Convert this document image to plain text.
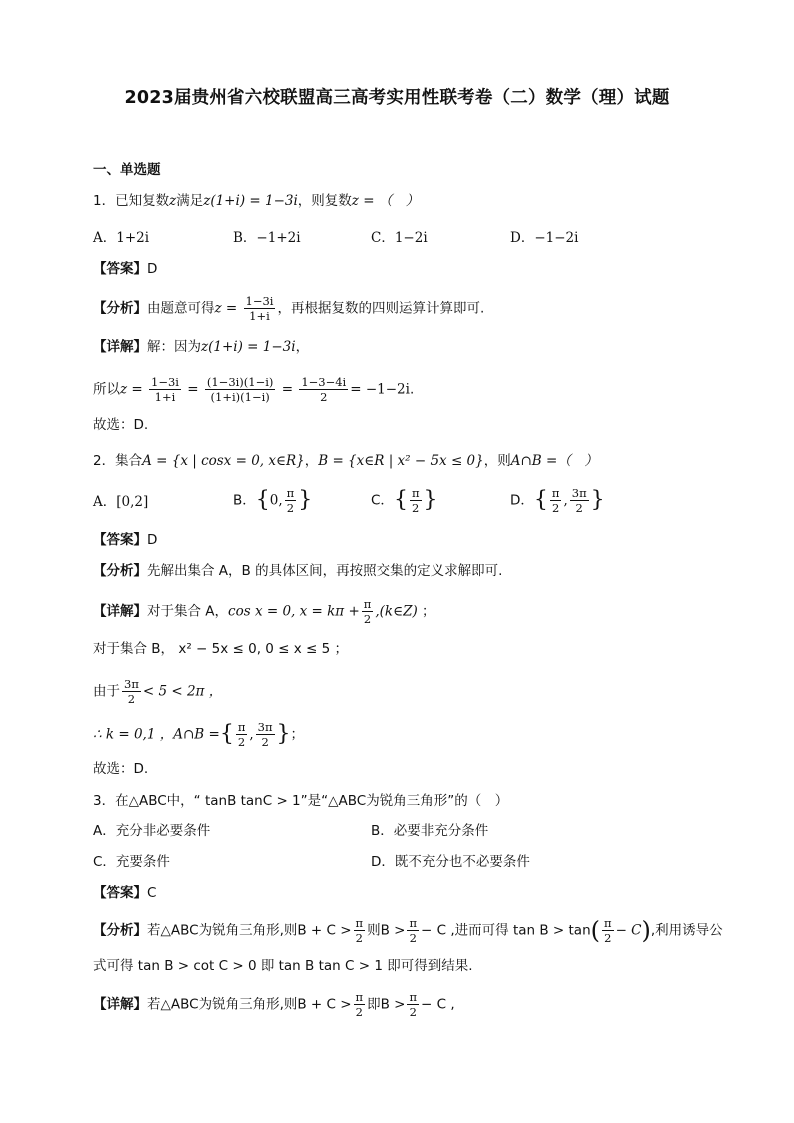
2023届贵州省六校联盟高三高考实用性联考卷（二）数学（理）试题
一、单选题
1．已知复数z满足z(1+i) = 1−3i，则复数z = （　）
A．1+2i	B．−1+2i	C．1−2i	D．−1−2i
【答案】D
【分析】由题意可得$z = \frac{1-3i}{1+i}$ ，再根据复数的四则运算计算即可.
【详解】解：因为z(1+i) = 1−3i，
所以$z = \frac{1-3i}{1+i} = \frac{(1-3i)(1-i)}{(1+i)(1-i)} = \frac{1-3-4i}{2} = -1-2i$.
故选：D.
2．集合A = {x | cosx = 0, x∈R}，B = {x∈R | x² − 5x ≤ 0}，则A∩B =（　）
A．[0,2]	B．{0, $\frac{\pi}{2}$ }	C．{ $\frac{\pi}{2}$ }	D．{ $\frac{\pi}{2}$ , $\frac{3\pi}{2}$ }
【答案】D
【分析】先解出集合 A，B 的具体区间，再按照交集的定义求解即可.
【详解】对于集合 A，cos x = 0, $x = k\pi + \frac{\pi}{2}$ ,(k∈Z) ；
对于集合 B， x² − 5x ≤ 0, 0 ≤ x ≤ 5 ；
由于 $\frac{3\pi}{2} < 5 < 2\pi$ ，
∴ k = 0,1 ，A∩B ={ $\frac{\pi}{2}$ , $\frac{3\pi}{2}$ }；
故选：D.
3．在△ABC中，“ tanB tanC > 1”是“△ABC为锐角三角形”的（　）
A．充分非必要条件	B．必要非充分条件
C．充要条件	D．既不充分也不必要条件
【答案】C
【分析】若△ABC为锐角三角形,则$B + C > \frac{\pi}{2}$ 则$B > \frac{\pi}{2} - C$ ,进而可得 $\tan B > \tan( \frac{\pi}{2} - C)$,利用诱导公
式可得 tan B > cot C > 0 即 tan B tan C > 1 即可得到结果.
【详解】若△ABC为锐角三角形,则$B + C > \frac{\pi}{2}$ 即$B > \frac{\pi}{2} - C$ ,
